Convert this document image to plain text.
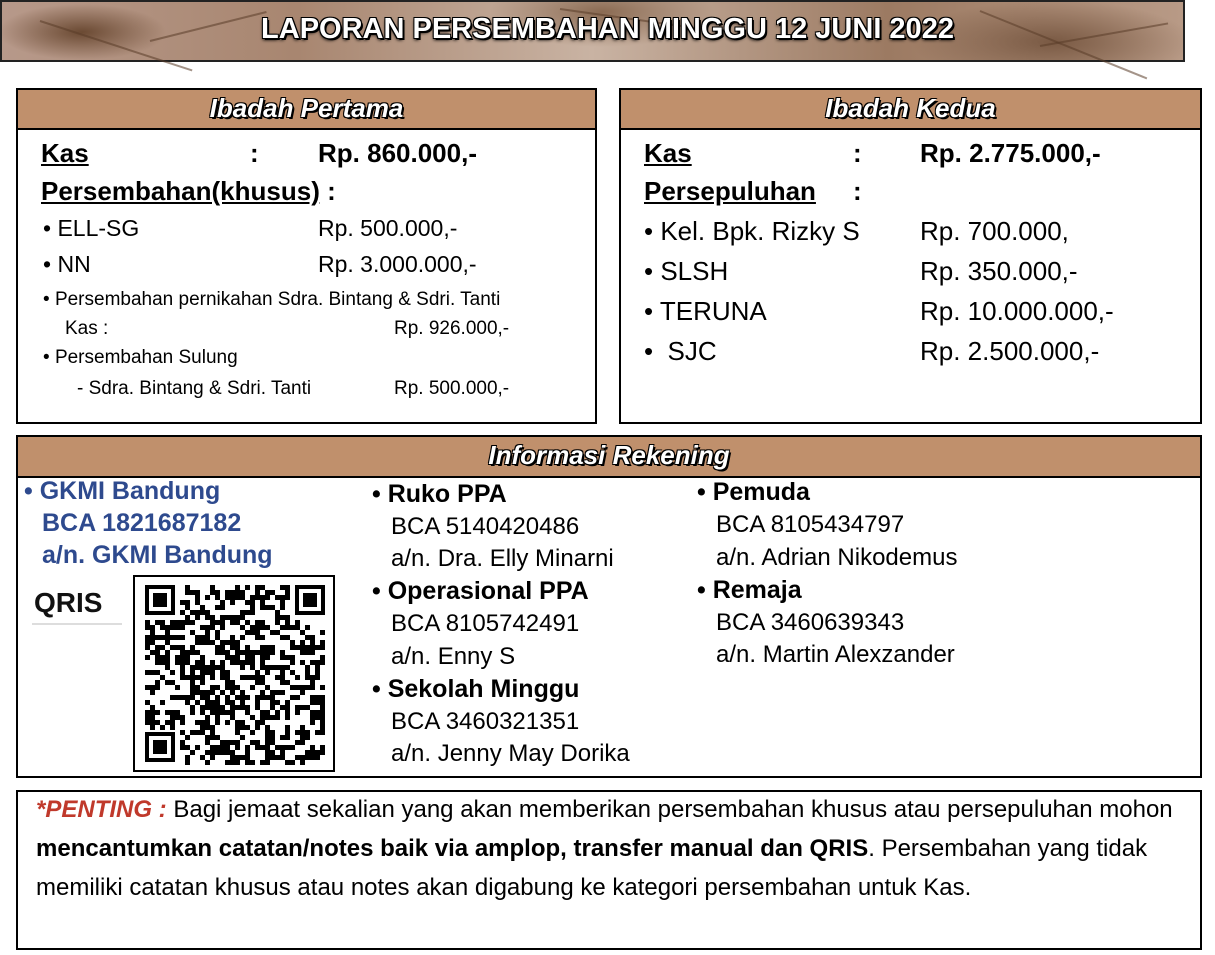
LAPORAN PERSEMBAHAN MINGGU 12 JUNI 2022
Ibadah Pertama
Kas	: Rp. 860.000,-
Persembahan(khusus) :
• ELL-SG	Rp. 500.000,-
• NN	Rp. 3.000.000,-
• Persembahan pernikahan Sdra. Bintang & Sdri. Tanti
Kas :	Rp. 926.000,-
• Persembahan Sulung
- Sdra. Bintang & Sdri. Tanti	Rp. 500.000,-
Ibadah Kedua
Kas	: Rp. 2.775.000,-
Persepuluhan :
• Kel. Bpk. Rizky S Rp. 700.000,
• SLSH	Rp. 350.000,-
• TERUNA	Rp. 10.000.000,-
•  SJC	Rp. 2.500.000,-
Informasi Rekening
• GKMI Bandung
BCA 1821687182
a/n. GKMI Bandung
QRIS
• Ruko PPA
BCA 5140420486
a/n. Dra. Elly Minarni
• Operasional PPA
BCA 8105742491
a/n. Enny S
• Sekolah Minggu
BCA 3460321351
a/n. Jenny May Dorika
• Pemuda
BCA 8105434797
a/n. Adrian Nikodemus
• Remaja
BCA 3460639343
a/n. Martin Alexzander
*PENTING : Bagi jemaat sekalian yang akan memberikan persembahan khusus atau persepuluhan mohon mencantumkan catatan/notes baik via amplop, transfer manual dan QRIS. Persembahan yang tidak memiliki catatan khusus atau notes akan digabung ke kategori persembahan untuk Kas.
